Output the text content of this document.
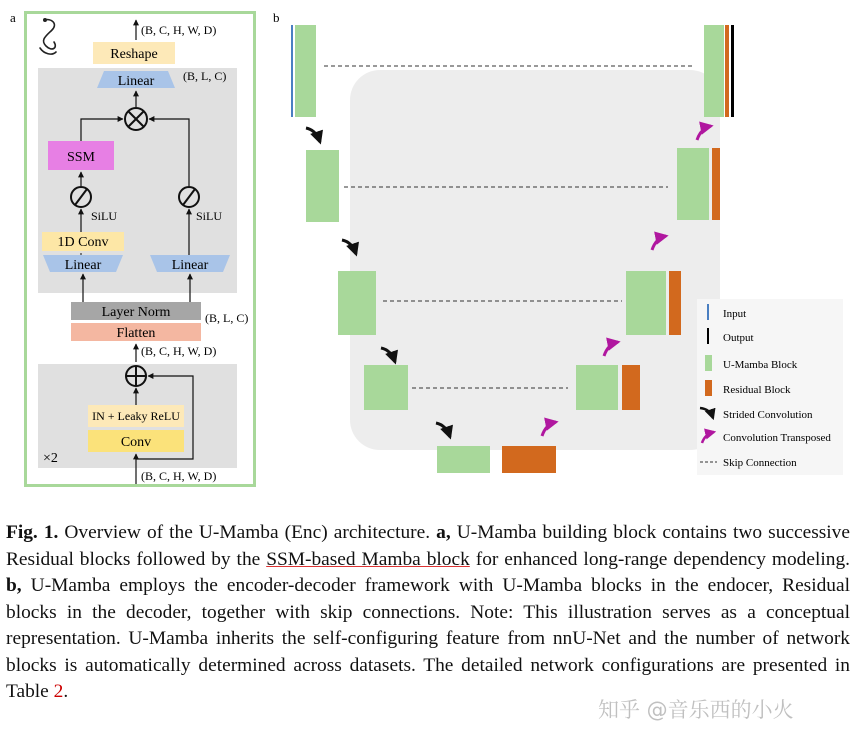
a
(B, C, H, W, D)
Reshape
(B, L, C)
Linear
SSM
SiLU
1D Conv
Linear
SiLU
Linear
Layer Norm
Flatten
(B, L, C)
(B, C, H, W, D)
IN + Leaky ReLU
Conv
×2
(B, C, H, W, D)
b
Input
Output
U-Mamba Block
Residual Block
Strided Convolution
Convolution Transposed
Skip Connection
Fig. 1. Overview of the U-Mamba (Enc) architecture. a, U-Mamba building block contains two successive Residual blocks followed by the SSM-based Mamba block for enhanced long-range dependency modeling. b, U-Mamba employs the encoder-decoder framework with U-Mamba blocks in the endocer, Residual blocks in the decoder, together with skip connections. Note: This illustration serves as a conceptual representation. U-Mamba inherits the self-configuring feature from nnU-Net and the number of network blocks is automatically determined across datasets. The detailed network configurations are presented in Table 2.
知乎 @音乐西的小火
